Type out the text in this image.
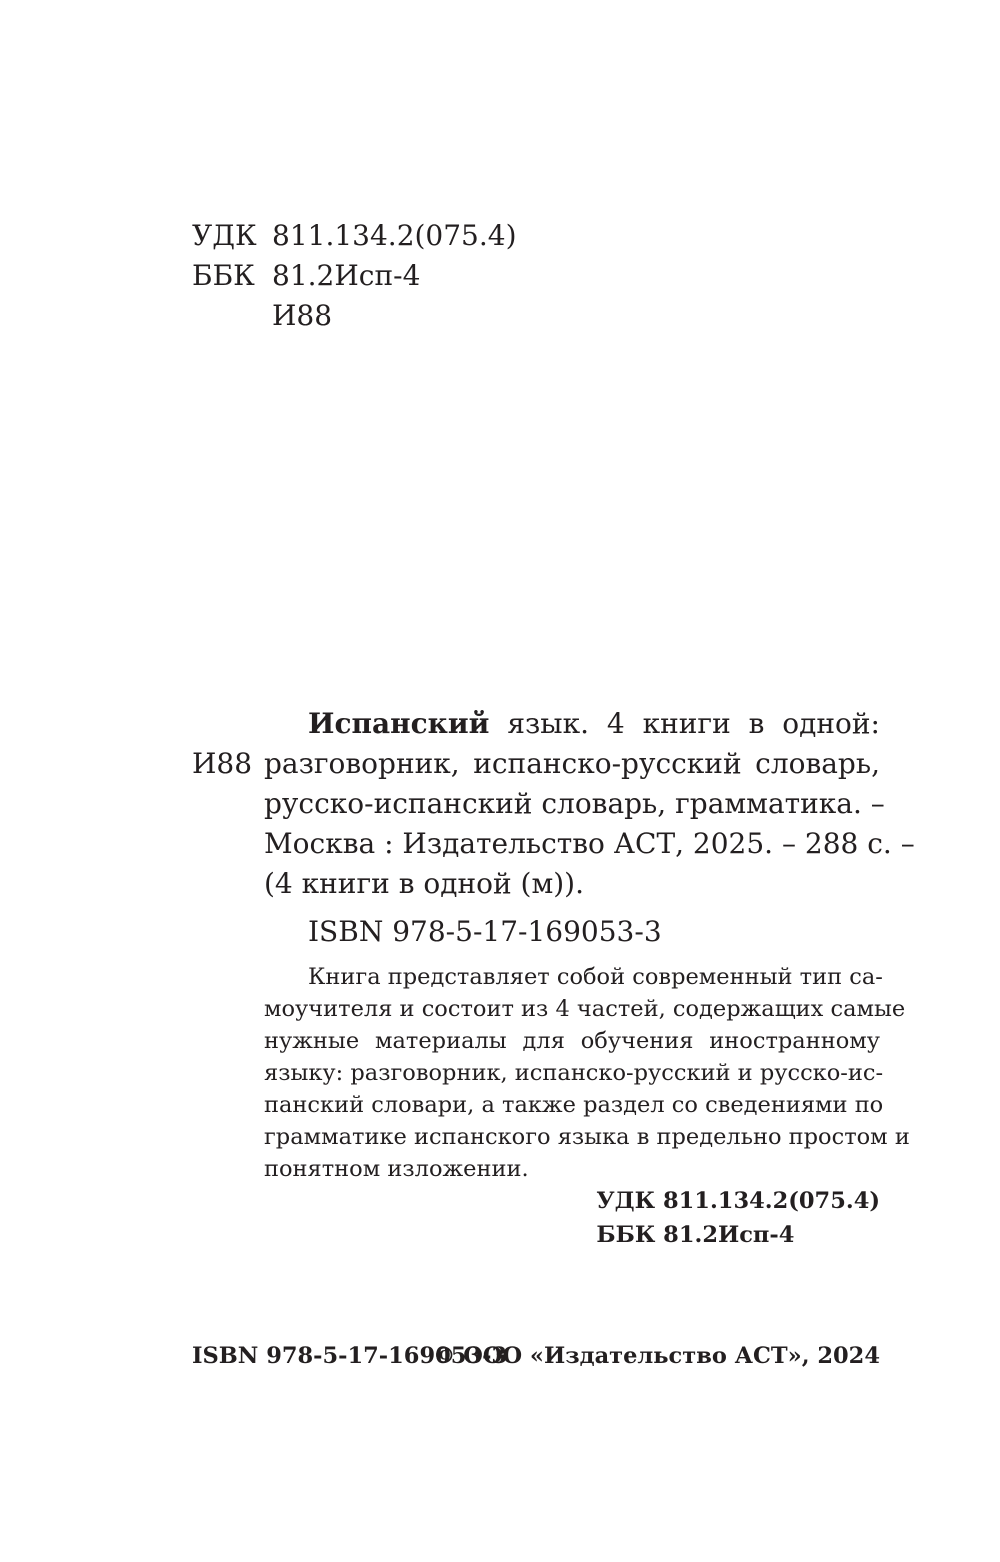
УДК 811.134.2(075.4)
ББК 81.2Исп-4
И88
И88
Испанский язык. 4 книги в одной:
разговорник, испанско-русский словарь,
русско-испанский словарь, грамматика. –
Москва : Издательство АСТ, 2025. – 288 с. –
(4 книги в одной (м)).
ISBN 978-5-17-169053-3
Книга представляет собой современный тип са-
моучителя и состоит из 4 частей, содержащих самые
нужные материалы для обучения иностранному
языку: разговорник, испанско-русский и русско-ис-
панский словари, а также раздел со сведениями по
грамматике испанского языка в предельно простом и
понятном изложении.
УДК 811.134.2(075.4)
ББК 81.2Исп-4
ISBN 978-5-17-169053-3
© ООО «Издательство АСТ», 2024
